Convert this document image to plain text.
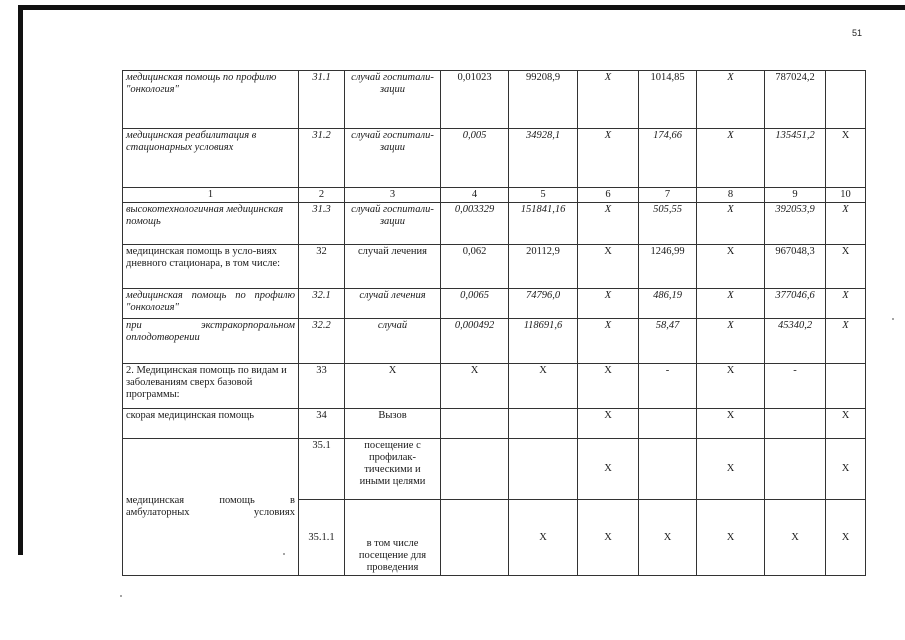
51
медицинская помощь по профилю "онкология"	31.1	случай госпитали-зации	0,01023	99208,9	X	1014,85	X	787024,2	
медицинская реабилитация в стационарных условиях	31.2	случай госпитали-зации	0,005	34928,1	X	174,66	X	135451,2	X
1	2	3	4	5	6	7	8	9	10
высокотехнологичная медицинская помощь	31.3	случай госпитали-зации	0,003329	151841,16	X	505,55	X	392053,9	X
медицинская помощь в усло-виях дневного стационара, в том числе:	32	случай лечения	0,062	20112,9	X	1246,99	X	967048,3	X
медицинская помощь по профилю "онкология"	32.1	случай лечения	0,0065	74796,0	X	486,19	X	377046,6	X
при экстракорпоральном оплодотворении	32.2	случай	0,000492	118691,6	X	58,47	X	45340,2	X
2. Медицинская помощь по видам и заболеваниям сверх базовой программы:	33	X	X	X	X	-	X	-	
скорая медицинская помощь	34	Вызов			X		X		X
медицинская помощь в амбулаторных условиях	35.1	посещение с профилак-тическими и иными целями			X		X		X
	35.1.1	в том числе посещение для проведения		X	X	X	X	X	X
